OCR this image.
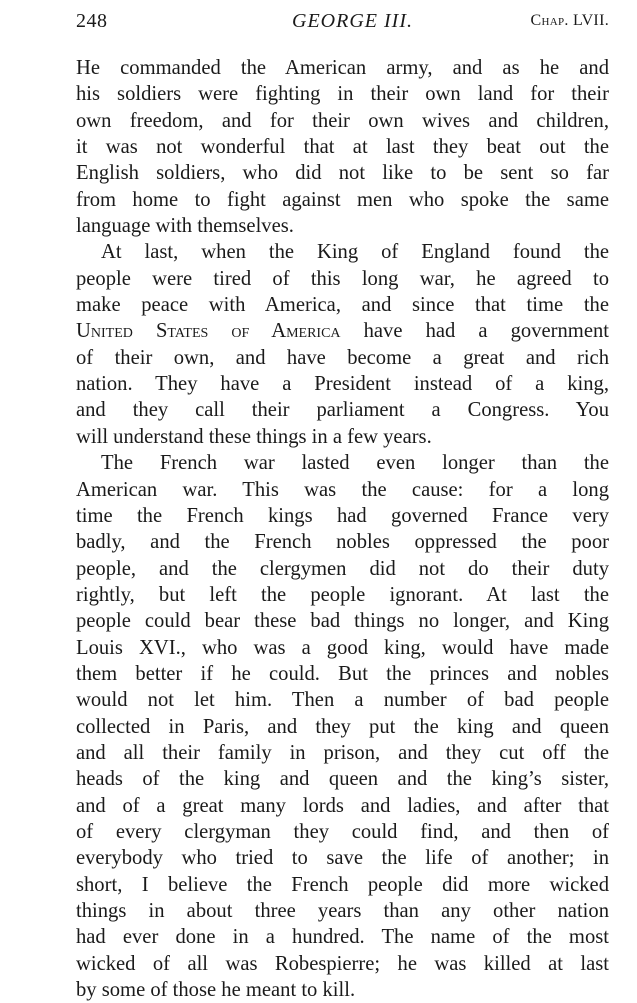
248	GEORGE III.	Chap. LVII.

He commanded the American army, and as he and
his soldiers were fighting in their own land for their
own freedom, and for their own wives and children,
it was not wonderful that at last they beat out the
English soldiers, who did not like to be sent so far
from home to fight against men who spoke the same
language with themselves.

At last, when the King of England found the
people were tired of this long war, he agreed to
make peace with America, and since that time the
United States of America have had a government
of their own, and have become a great and rich
nation. They have a President instead of a king,
and they call their parliament a Congress. You
will understand these things in a few years.

The French war lasted even longer than the
American war. This was the cause: for a long
time the French kings had governed France very
badly, and the French nobles oppressed the poor
people, and the clergymen did not do their duty
rightly, but left the people ignorant. At last the
people could bear these bad things no longer, and King
Louis XVI., who was a good king, would have made
them better if he could. But the princes and nobles
would not let him. Then a number of bad people
collected in Paris, and they put the king and queen
and all their family in prison, and they cut off the
heads of the king and queen and the king’s sister,
and of a great many lords and ladies, and after that
of every clergyman they could find, and then of
everybody who tried to save the life of another; in
short, I believe the French people did more wicked
things in about three years than any other nation
had ever done in a hundred. The name of the most
wicked of all was Robespierre; he was killed at last
by some of those he meant to kill.
